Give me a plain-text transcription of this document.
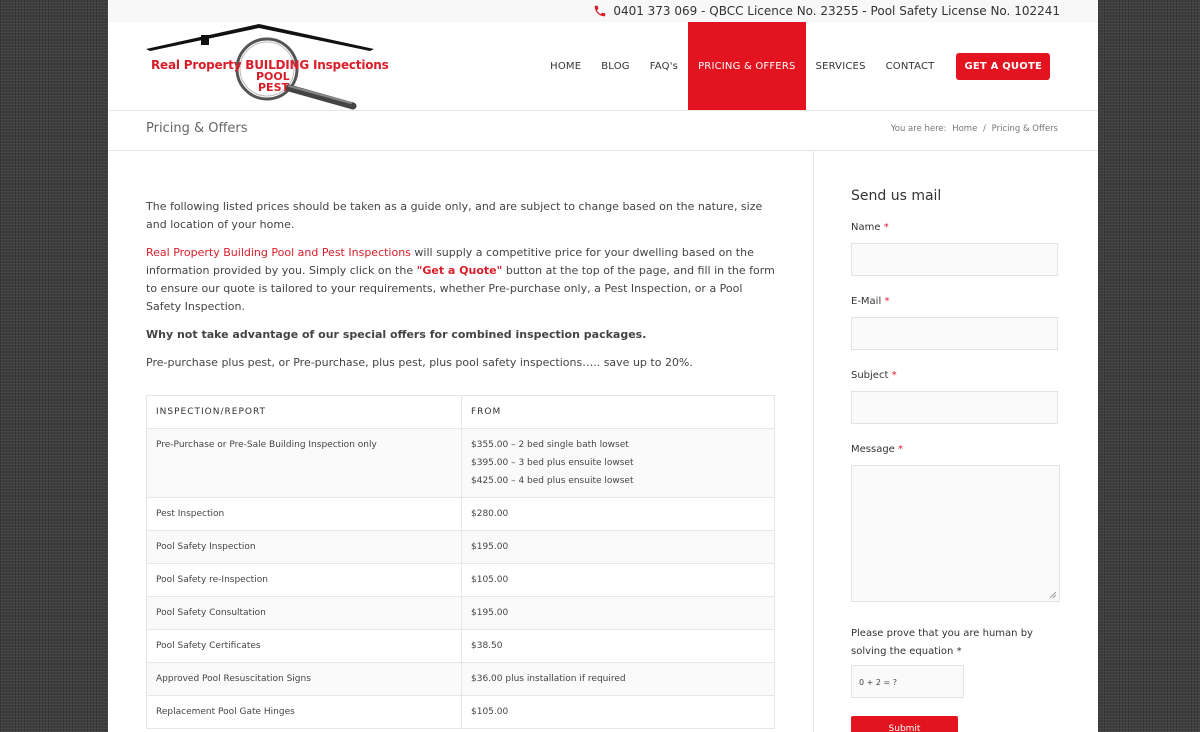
0401 373 069 - QBCC Licence No. 23255 - Pool Safety License No. 102241
Real Property BUILDING Inspections
POOL
PEST
HOME	BLOG	FAQ's	PRICING & OFFERS	SERVICES	CONTACT	GET A QUOTE
Pricing & Offers	You are here: Home / Pricing & Offers

The following listed prices should be taken as a guide only, and are subject to change based on the nature, size and location of your home.

Real Property Building Pool and Pest Inspections will supply a competitive price for your dwelling based on the information provided by you. Simply click on the "Get a Quote" button at the top of the page, and fill in the form to ensure our quote is tailored to your requirements, whether Pre-purchase only, a Pest Inspection, or a Pool Safety Inspection.

Why not take advantage of our special offers for combined inspection packages.

Pre-purchase plus pest, or Pre-purchase, plus pest, plus pool safety inspections….. save up to 20%.

INSPECTION/REPORT	FROM
Pre-Purchase or Pre-Sale Building Inspection only	$355.00 – 2 bed single bath lowset
$395.00 – 3 bed plus ensuite lowset
$425.00 – 4 bed plus ensuite lowset

Pest Inspection	$280.00
Pool Safety Inspection	$195.00
Pool Safety re-Inspection	$105.00
Pool Safety Consultation	$195.00
Pool Safety Certificates	$38.50
Approved Pool Resuscitation Signs	$36.00 plus installation if required
Replacement Pool Gate Hinges	$105.00
Send us mail
Name *
E-Mail *
Subject *
Message *
Please prove that you are human by solving the equation *
0 + 2 = ?
Submit
